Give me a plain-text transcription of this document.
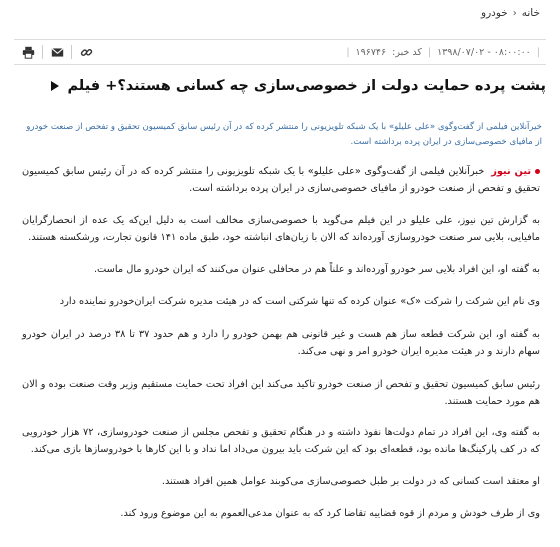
خانه
‹
خودرو
|
۰۸:۰۰:۰۰ - ۱۳۹۸/۰۷/۰۲
|
کد خبر:
۱۹۶۷۴۶
|
پشت پرده حمایت دولت از خصوصی‌سازی چه کسانی هستند؟+ فیلم
خیرآنلاین فیلمی از گفت‌وگوی «علی علیلو» با یک شبکه تلویزیونی را منتشر کرده که در آن رئیس سابق کمیسیون تحقیق و تفحص از صنعت خودرو از مافیای خصوصی‌سازی در ایران پرده برداشته است.
تین نیوز  خبرآنلاین فیلمی از گفت‌وگوی «علی علیلو» با یک شبکه تلویزیونی را منتشر کرده که در آن رئیس سابق کمیسیون تحقیق و تفحص از صنعت خودرو از مافیای خصوصی‌سازی در ایران پرده برداشته است.
به گزارش تین نیوز، علی علیلو در این فیلم می‌گوید با خصوصی‌سازی مخالف است به دلیل این‌که یک عده از انحصارگرایان مافیایی، بلایی سر صنعت خودروسازی آورده‌اند که الان با زیان‌های انباشته خود، طبق ماده ۱۴۱ قانون تجارت، ورشکسته هستند.
به گفته او، این افراد بلایی سر خودرو آورده‌اند و علناً هم در محافلی عنوان می‌کنند که ایران خودرو مال ماست.
وی نام این شرکت را شرکت «ک» عنوان کرده که تنها شرکتی است که در هیئت مدیره شرکت ایران‌خودرو نماینده دارد
به گفته او، این شرکت قطعه ساز هم هست و غیر قانونی هم بهمن خودرو را دارد و هم حدود ۳۷ تا ۳۸ درصد در ایران خودرو سهام دارند و در هیئت مدیره ایران خودرو امر و نهی می‌کند.
رئیس سابق کمیسیون تحقیق و تفحص از صنعت خودرو تاکید می‌کند این افراد تحت حمایت مستقیم وزیر وقت صنعت بوده و الان هم مورد حمایت هستند.
به گفته وی، این افراد در تمام دولت‌ها نفوذ داشته و در هنگام تحقیق و تفحص مجلس از صنعت خودروسازی، ۷۲ هزار خودرویی که در کف پارکینگ‌ها مانده بود، قطعه‌ای بود که این شرکت باید بیرون می‌داد اما نداد و با این کارها با خودروسازها بازی می‌کند.
او معتقد است کسانی که در دولت بر طبل خصوصی‌سازی می‌کوبند عوامل همین افراد هستند.
وی از طرف خودش و مردم از قوه قضاییه تقاضا کرد که به عنوان مدعی‌العموم به این موضوع ورود کند.
